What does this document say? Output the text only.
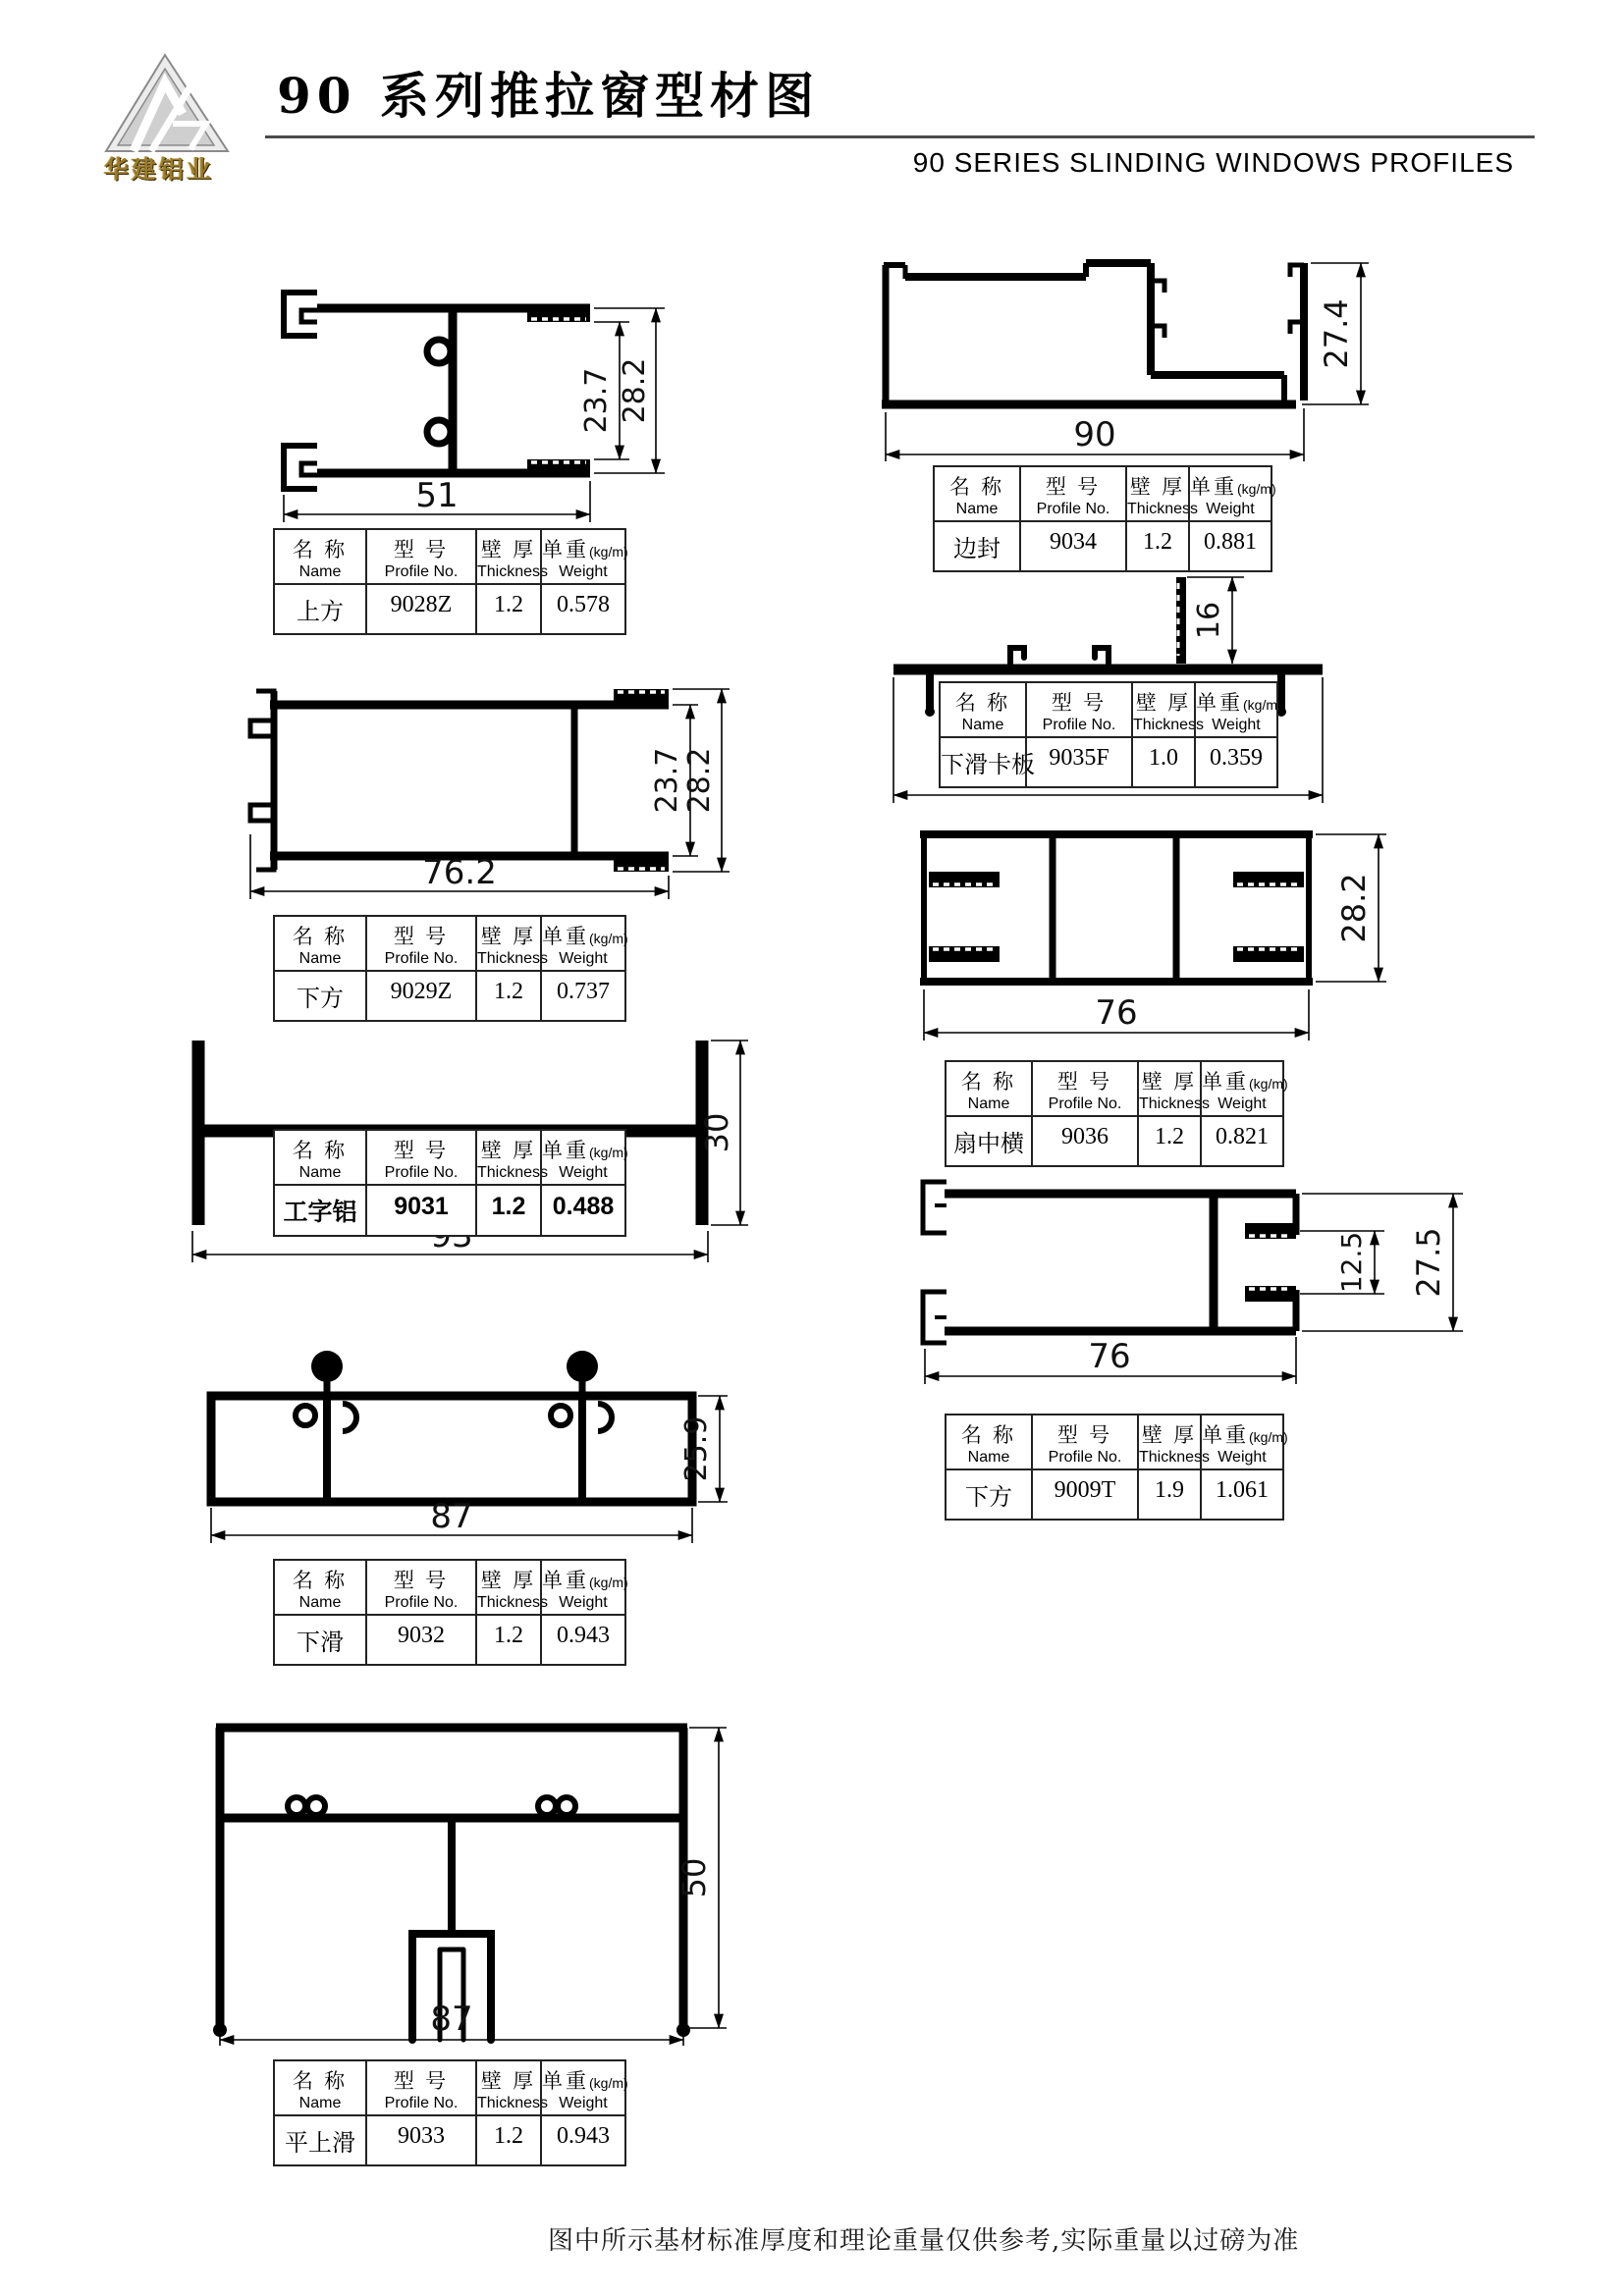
华建铝业
90 系列推拉窗型材图
90 SERIES SLINDING WINDOWS PROFILES
23.7 28.2
51
23.7
28.2
76.2
30
25.9
87
50
87
27.4
90
16
28.2
76
12.5 27.5
76
名 称
Name
型 号
Profile No.
壁 厚
Thickness
单重(kg/m)
Weight
上方	9028Z	1.2	0.578
名 称
Name
型 号
Profile No.
壁 厚
Thickness
单重(kg/m)
Weight
下方	9029Z	1.2	0.737
名 称
Name
型 号
Profile No.
壁 厚
Thickness
单重(kg/m)
Weight
工字铝	9031	1.2	0.488
名 称
Name
型 号
Profile No.
壁 厚
Thickness
单重(kg/m)
Weight
下滑	9032	1.2	0.943
名 称
Name
型 号
Profile No.
壁 厚
Thickness
单重(kg/m)
Weight
平上滑	9033	1.2	0.943
名 称
Name
型 号
Profile No.
壁 厚
Thickness
单重(kg/m)
Weight
边封	9034	1.2	0.881
名 称
Name
型 号
Profile No.
壁 厚
Thickness
单重(kg/m)
Weight
下滑卡板 9035F	1.0	0.359
名 称
Name
型 号
Profile No.
壁 厚
Thickness
单重(kg/m)
Weight
扇中横	9036	1.2	0.821
名 称
Name
型 号
Profile No.
壁 厚
Thickness
单重(kg/m)
Weight
下方	9009T	1.9	1.061
图中所示基材标准厚度和理论重量仅供参考,实际重量以过磅为准
